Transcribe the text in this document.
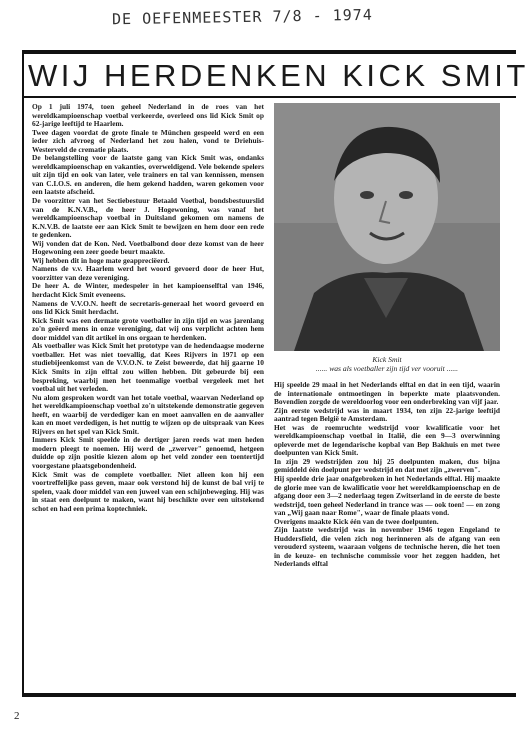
DE OEFENMEESTER 7/8 - 1974
WIJ HERDENKEN KICK SMIT

Op 1 juli 1974, toen geheel Nederland in de roes van het wereldkampioenschap voetbal verkeerde, overleed ons lid Kick Smit op 62-jarige leeftijd te Haarlem.

Twee dagen voordat de grote finale te München gespeeld werd en een ieder zich afvroeg of Nederland het zou halen, vond te Driehuis-Westerveld de crematie plaats.

De belangstelling voor de laatste gang van Kick Smit was, ondanks wereldkampioenschap en vakanties, overweldigend. Vele bekende spelers uit zijn tijd en ook van later, vele trainers en tal van kennissen, mensen van C.I.O.S. en anderen, die hem gekend hadden, waren gekomen voor een laatste afscheid.

De voorzitter van het Sectiebestuur Betaald Voetbal, bondsbestuurslid van de K.N.V.B., de heer J. Hogewoning, was vanaf het wereldkampioenschap voetbal in Duitsland gekomen om namens de K.N.V.B. de laatste eer aan Kick Smit te bewijzen en hem door een rede te gedenken.

Wij vonden dat de Kon. Ned. Voetbalbond door deze komst van de heer Hogewoning een zeer goede beurt maakte.

Wij hebben dit in hoge mate geappreciëerd.

Namens de v.v. Haarlem werd het woord gevoerd door de heer Hut, voorzitter van deze vereniging.

De heer A. de Winter, medespeler in het kampioenselftal van 1946, herdacht Kick Smit eveneens.

Namens de V.V.O.N. heeft de secretaris-generaal het woord gevoerd en ons lid Kick Smit herdacht.

Kick Smit was een dermate grote voetballer in zijn tijd en was jarenlang zo'n geëerd mens in onze vereniging, dat wij ons verplicht achten hem door middel van dit artikel in ons orgaan te herdenken.

Als voetballer was Kick Smit het prototype van de hedendaagse moderne voetballer. Het was niet toevallig, dat Kees Rijvers in 1971 op een studiebijeenkomst van de V.V.O.N. te Zeist beweerde, dat hij gaarne 10 Kick Smits in zijn elftal zou willen hebben. Dit gebeurde bij een bespreking, waarbij men het toenmalige voetbal vergeleek met het voetbal uit het verleden.

Nu alom gesproken wordt van het totale voetbal, waarvan Nederland op het wereldkampioenschap voetbal zo'n uitstekende demonstratie gegeven heeft, en waarbij de verdediger kan en moet aanvallen en de aanvaller kan en moet verdedigen, is het nuttig te wijzen op de uitspraak van Kees Rijvers en het spel van Kick Smit.

Immers Kick Smit speelde in de dertiger jaren reeds wat men heden modern pleegt te noemen. Hij werd de „zwerver" genoemd, hetgeen duidde op zijn positie kiezen alom op het veld zonder een toentertijd voorgestane plaatsgebondenheid.

Kick Smit was de complete voetballer. Niet alleen kon hij een voortreffelijke pass geven, maar ook verstond hij de kunst de bal vrij te spelen, vaak door middel van een juweel van een schijnbeweging. Hij was in staat een doelpunt te maken, want hij beschikte over een uitstekend schot en had een prima koptechniek.

Kick Smit
...... was als voetballer zijn tijd ver vooruit ......

Hij speelde 29 maal in het Nederlands elftal en dat in een tijd, waarin de internationale ontmoetingen in beperkte mate plaatsvonden. Bovendien zorgde de wereldoorlog voor een onderbreking van vijf jaar.

Zijn eerste wedstrijd was in maart 1934, ten zijn 22-jarige leeftijd aantrad tegen België te Amsterdam.

Het was de roemruchte wedstrijd voor kwalificatie voor het wereldkampioenschap voetbal in Italië, die een 9—3 overwinning opleverde met de legendarische kopbal van Bep Bakhuis en met twee doelpunten van Kick Smit.

In zijn 29 wedstrijden zou hij 25 doelpunten maken, dus bijna gemiddeld één doelpunt per wedstrijd en dat met zijn „zwerven".

Hij speelde drie jaar onafgebroken in het Nederlands elftal. Hij maakte de glorie mee van de kwalificatie voor het wereldkampioenschap en de afgang door een 3—2 nederlaag tegen Zwitserland in de eerste de beste wedstrijd, toen geheel Nederland in trance was — ook toen! — en zong van „Wij gaan naar Rome", waar de finale plaats vond.

Overigens maakte Kick één van de twee doelpunten.

Zijn laatste wedstrijd was in november 1946 tegen Engeland te Huddersfield, die velen zich nog herinneren als de afgang van een verouderd systeem, waaraan volgens de technische heren, die het toen in de keuze- en technische commissie voor het zeggen hadden, het Nederlands elftal

2
